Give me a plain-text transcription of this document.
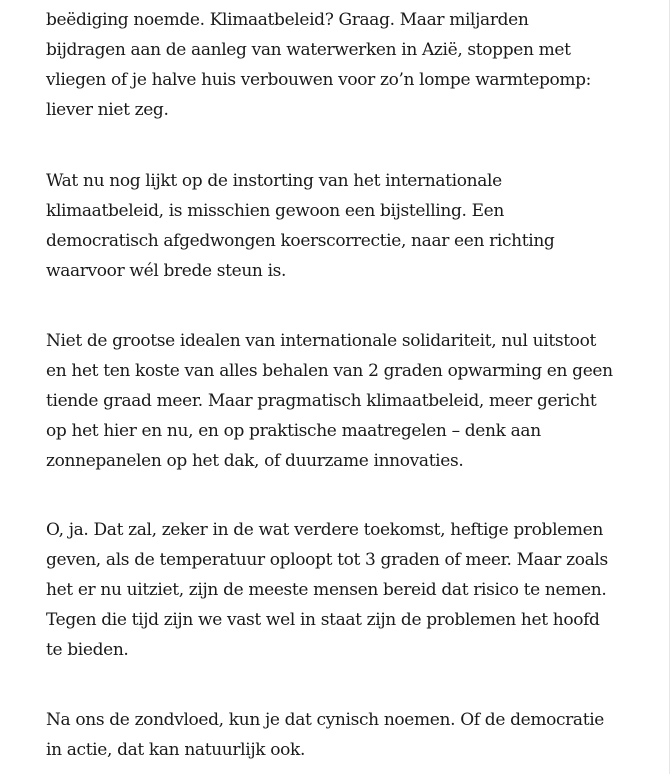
beëdiging noemde. Klimaatbeleid? Graag. Maar miljarden
bijdragen aan de aanleg van waterwerken in Azië, stoppen met
vliegen of je halve huis verbouwen voor zo’n lompe warmtepomp:
liever niet zeg.
Wat nu nog lijkt op de instorting van het internationale
klimaatbeleid, is misschien gewoon een bijstelling. Een
democratisch afgedwongen koerscorrectie, naar een richting
waarvoor wél brede steun is.
Niet de grootse idealen van internationale solidariteit, nul uitstoot
en het ten koste van alles behalen van 2 graden opwarming en geen
tiende graad meer. Maar pragmatisch klimaatbeleid, meer gericht
op het hier en nu, en op praktische maatregelen – denk aan
zonnepanelen op het dak, of duurzame innovaties.
O, ja. Dat zal, zeker in de wat verdere toekomst, heftige problemen
geven, als de temperatuur oploopt tot 3 graden of meer. Maar zoals
het er nu uitziet, zijn de meeste mensen bereid dat risico te nemen.
Tegen die tijd zijn we vast wel in staat zijn de problemen het hoofd
te bieden.
Na ons de zondvloed, kun je dat cynisch noemen. Of de democratie
in actie, dat kan natuurlijk ook.
